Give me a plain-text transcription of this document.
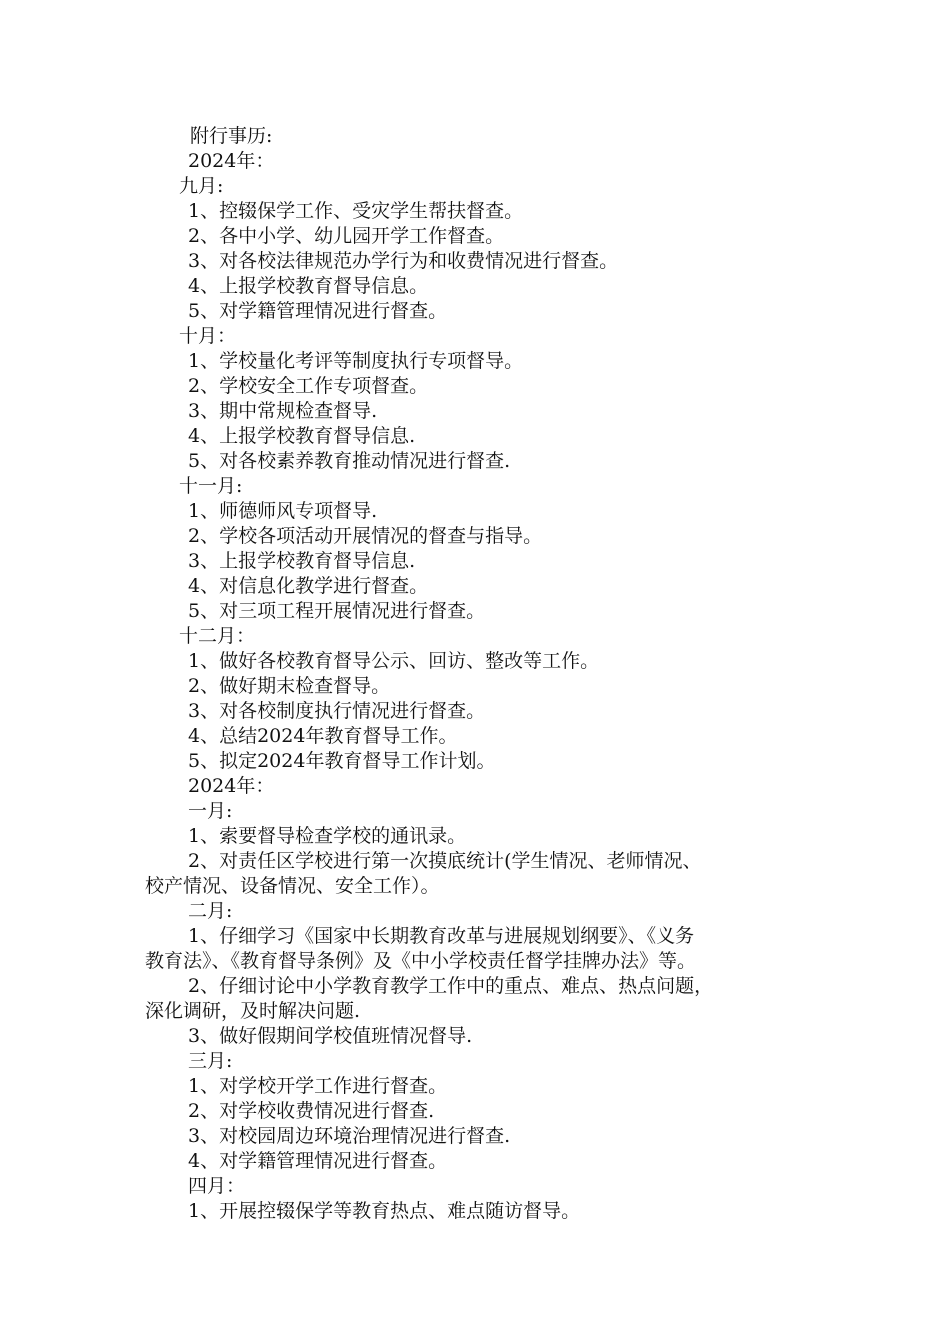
附行事历:
2024年：
九月:
1、控辍保学工作、受灾学生帮扶督查。
2、各中小学、幼儿园开学工作督查。
3、对各校法律规范办学行为和收费情况进行督查。
4、上报学校教育督导信息。
5、对学籍管理情况进行督查。
十月：
1、学校量化考评等制度执行专项督导。
2、学校安全工作专项督查。
3、期中常规检查督导.
4、上报学校教育督导信息.
5、对各校素养教育推动情况进行督查.
十一月:
1、师德师风专项督导.
2、学校各项活动开展情况的督查与指导。
3、上报学校教育督导信息.
4、对信息化教学进行督查。
5、对三项工程开展情况进行督查。
十二月：
1、做好各校教育督导公示、回访、整改等工作。
2、做好期末检查督导。
3、对各校制度执行情况进行督查。
4、总结2024年教育督导工作。
5、拟定2024年教育督导工作计划。
2024年：
一月:
1、索要督导检查学校的通讯录。
2、对责任区学校进行第一次摸底统计(学生情况、老师情况、
校产情况、设备情况、安全工作）。
二月:
1、仔细学习《国家中长期教育改革与进展规划纲要》、《义务
教育法》、《教育督导条例》及《中小学校责任督学挂牌办法》等。
2、仔细讨论中小学教育教学工作中的重点、难点、热点问题，
深化调研，及时解决问题.
3、做好假期间学校值班情况督导.
三月:
1、对学校开学工作进行督查。
2、对学校收费情况进行督查.
3、对校园周边环境治理情况进行督查.
4、对学籍管理情况进行督查。
四月：
1、开展控辍保学等教育热点、难点随访督导。
